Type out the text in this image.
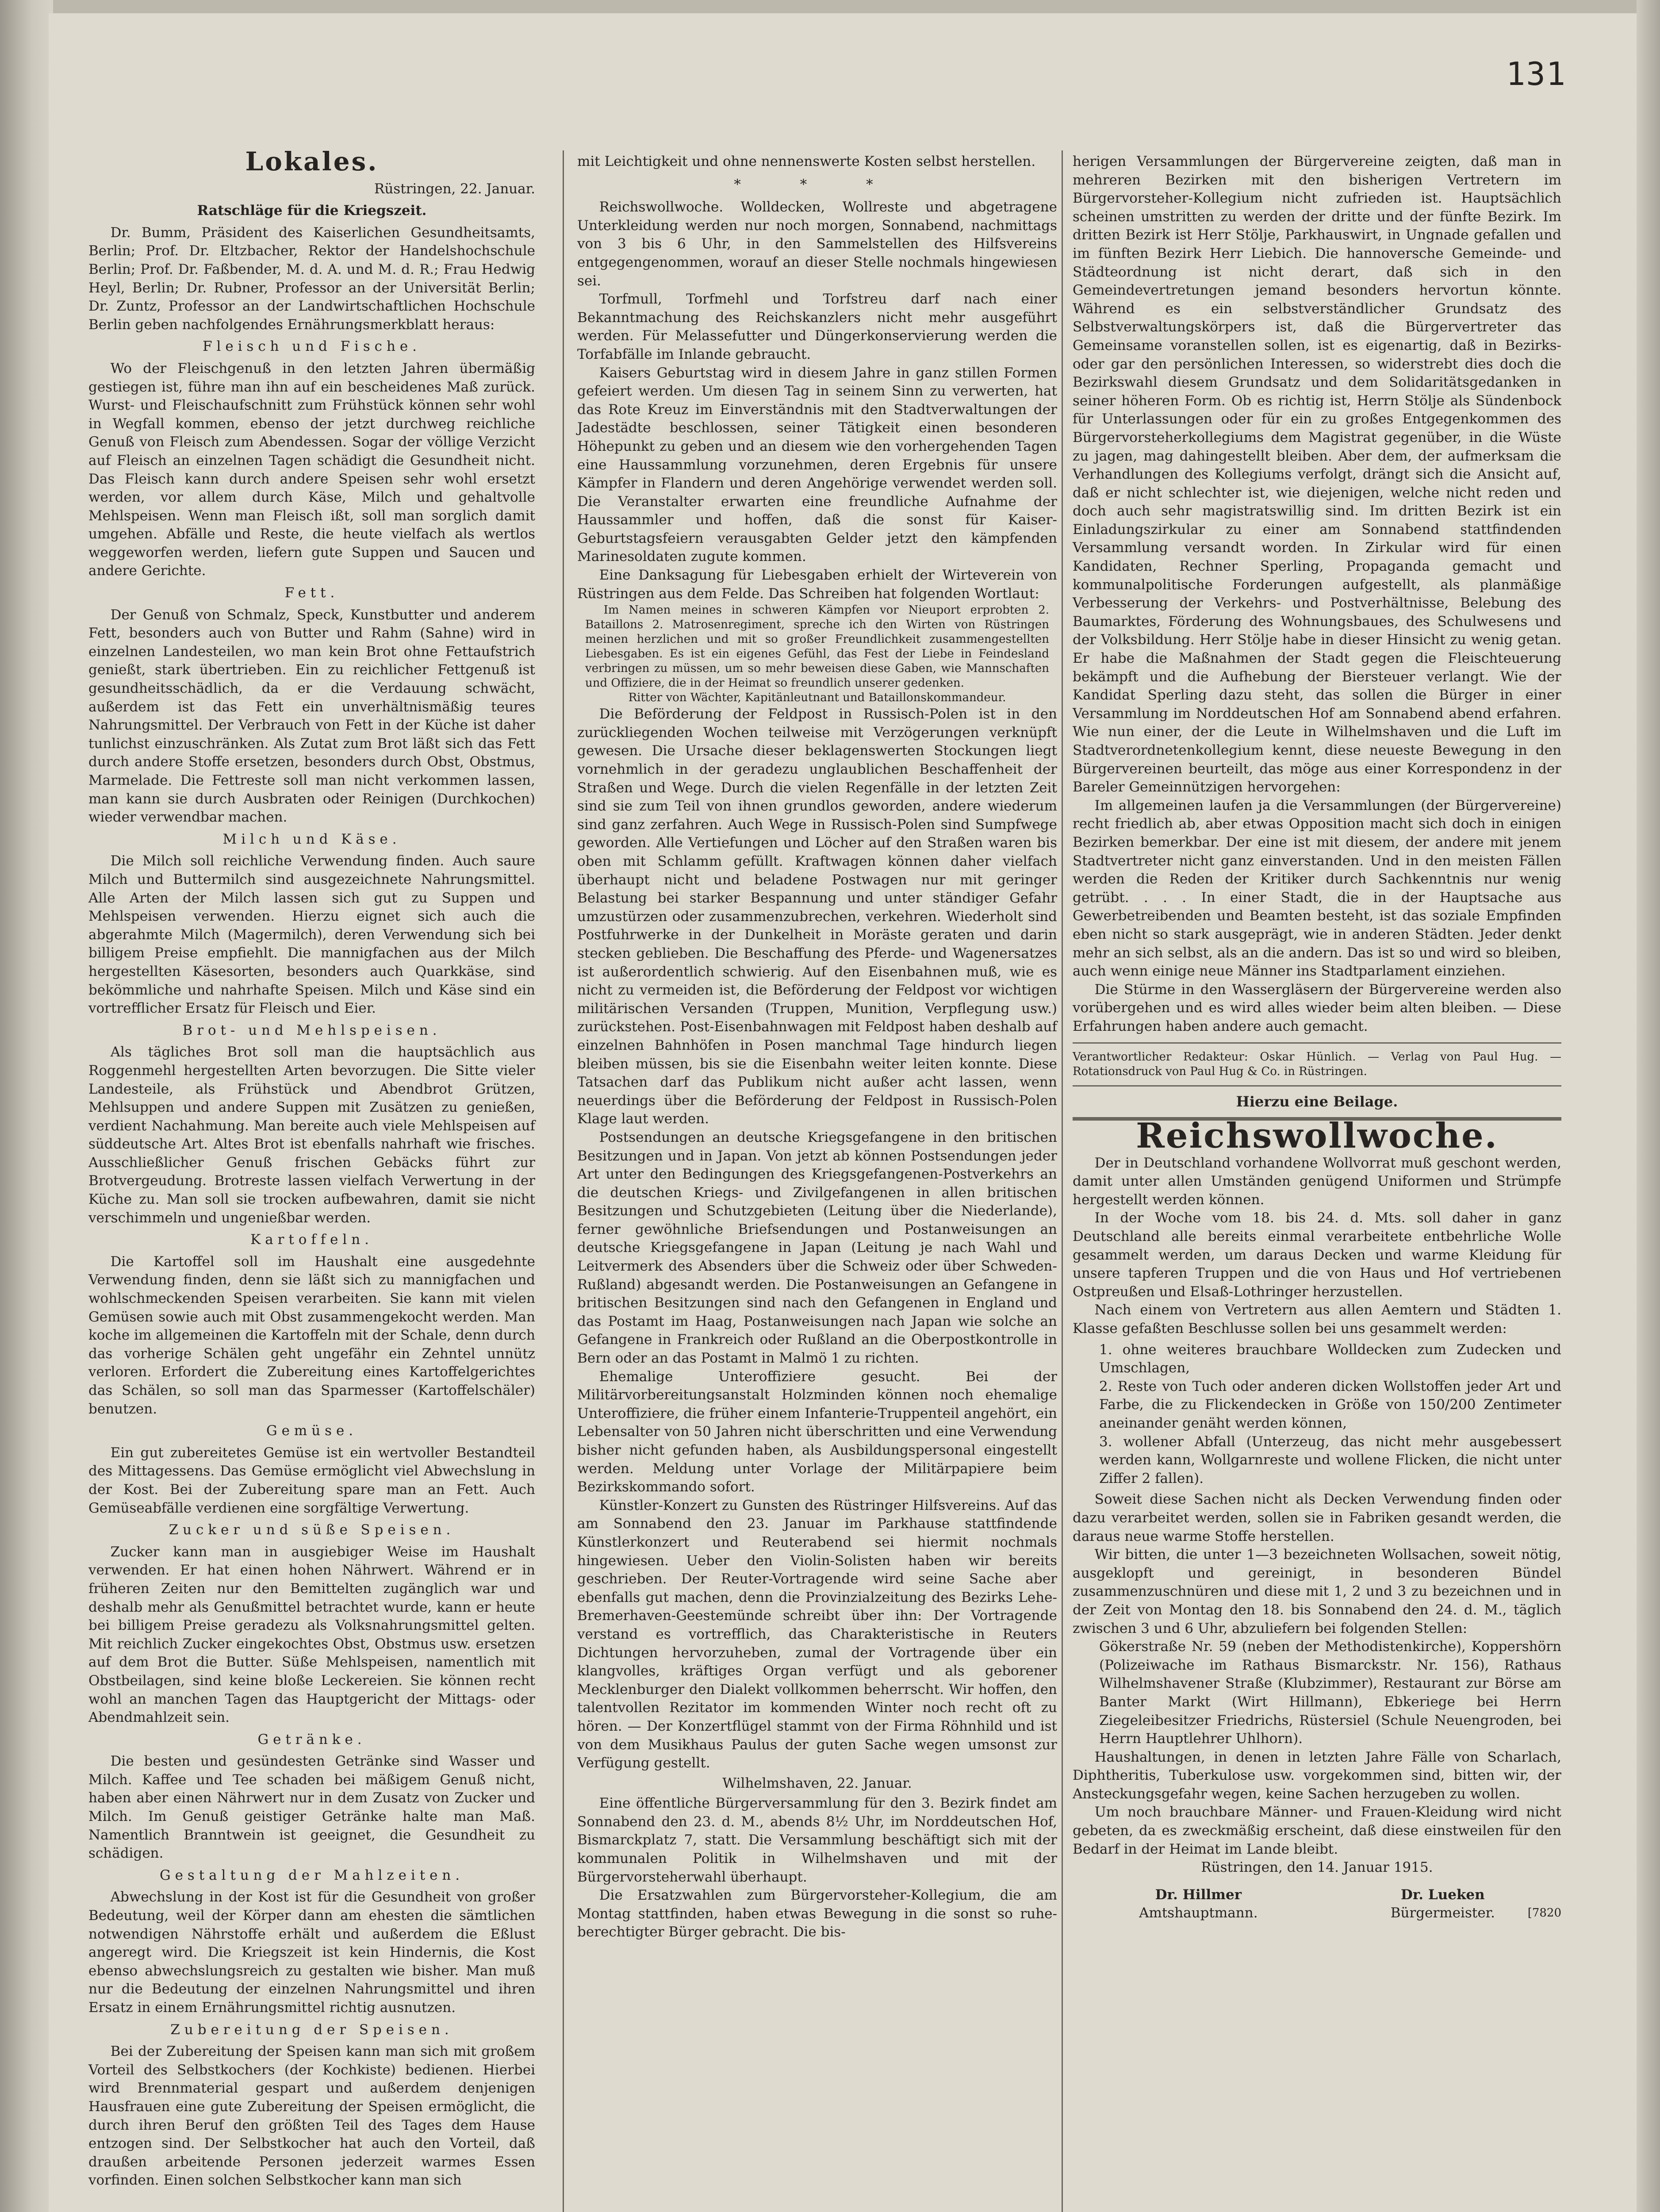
131
Lokales.
Rüstringen, 22. Januar.
Ratschläge für die Kriegszeit.

Dr. Bumm, Präsident des Kaiserlichen Gesundheitsamts, Berlin; Prof. Dr. Eltzbacher, Rektor der Handelshochschule Berlin; Prof. Dr. Faßbender, M. d. A. und M. d. R.; Frau Hedwig Heyl, Berlin; Dr. Rubner, Professor an der Universität Berlin; Dr. Zuntz, Professor an der Landwirtschaftlichen Hochschule Berlin geben nachfolgendes Ernährungsmerkblatt heraus:

Fleisch und Fische.

Wo der Fleischgenuß in den letzten Jahren übermäßig gestiegen ist, führe man ihn auf ein bescheidenes Maß zurück. Wurst- und Fleischaufschnitt zum Frühstück können sehr wohl in Wegfall kommen, ebenso der jetzt durchweg reichliche Genuß von Fleisch zum Abendessen. Sogar der völlige Verzicht auf Fleisch an einzelnen Tagen schädigt die Gesundheit nicht. Das Fleisch kann durch andere Speisen sehr wohl ersetzt werden, vor allem durch Käse, Milch und gehaltvolle Mehlspeisen. Wenn man Fleisch ißt, soll man sorglich damit umgehen. Abfälle und Reste, die heute vielfach als wertlos weggeworfen werden, liefern gute Suppen und Saucen und andere Gerichte.

Fett.

Der Genuß von Schmalz, Speck, Kunstbutter und anderem Fett, besonders auch von Butter und Rahm (Sahne) wird in einzelnen Landesteilen, wo man kein Brot ohne Fettaufstrich genießt, stark übertrieben. Ein zu reichlicher Fettgenuß ist gesundheitsschädlich, da er die Verdauung schwächt, außerdem ist das Fett ein unverhältnismäßig teures Nahrungsmittel. Der Verbrauch von Fett in der Küche ist daher tunlichst einzuschränken. Als Zutat zum Brot läßt sich das Fett durch andere Stoffe ersetzen, besonders durch Obst, Obstmus, Marmelade. Die Fettreste soll man nicht verkommen lassen, man kann sie durch Ausbraten oder Reinigen (Durchkochen) wieder verwendbar machen.

Milch und Käse.

Die Milch soll reichliche Verwendung finden. Auch saure Milch und Buttermilch sind ausgezeichnete Nahrungsmittel. Alle Arten der Milch lassen sich gut zu Suppen und Mehlspeisen verwenden. Hierzu eignet sich auch die abgerahmte Milch (Magermilch), deren Verwendung sich bei billigem Preise empfiehlt. Die mannigfachen aus der Milch hergestellten Käsesorten, besonders auch Quarkkäse, sind bekömmliche und nahrhafte Speisen. Milch und Käse sind ein vortrefflicher Ersatz für Fleisch und Eier.

Brot- und Mehlspeisen.

Als tägliches Brot soll man die hauptsächlich aus Roggenmehl hergestellten Arten bevorzugen. Die Sitte vieler Landesteile, als Frühstück und Abendbrot Grützen, Mehlsuppen und andere Suppen mit Zusätzen zu genießen, verdient Nachahmung. Man bereite auch viele Mehlspeisen auf süddeutsche Art. Altes Brot ist ebenfalls nahrhaft wie frisches. Ausschließlicher Genuß frischen Gebäcks führt zur Brotvergeudung. Brotreste lassen vielfach Verwertung in der Küche zu. Man soll sie trocken aufbewahren, damit sie nicht verschimmeln und ungenießbar werden.

Kartoffeln.

Die Kartoffel soll im Haushalt eine ausgedehnte Verwendung finden, denn sie läßt sich zu mannigfachen und wohlschmeckenden Speisen verarbeiten. Sie kann mit vielen Gemüsen sowie auch mit Obst zusammengekocht werden. Man koche im allgemeinen die Kartoffeln mit der Schale, denn durch das vorherige Schälen geht ungefähr ein Zehntel unnütz verloren. Erfordert die Zubereitung eines Kartoffelgerichtes das Schälen, so soll man das Sparmesser (Kartoffelschäler) benutzen.

Gemüse.

Ein gut zubereitetes Gemüse ist ein wertvoller Bestandteil des Mittagessens. Das Gemüse ermöglicht viel Abwechslung in der Kost. Bei der Zubereitung spare man an Fett. Auch Gemüseabfälle verdienen eine sorgfältige Verwertung.

Zucker und süße Speisen.

Zucker kann man in ausgiebiger Weise im Haushalt verwenden. Er hat einen hohen Nährwert. Während er in früheren Zeiten nur den Bemittelten zugänglich war und deshalb mehr als Genußmittel betrachtet wurde, kann er heute bei billigem Preise geradezu als Volksnahrungsmittel gelten. Mit reichlich Zucker eingekochtes Obst, Obstmus usw. ersetzen auf dem Brot die Butter. Süße Mehlspeisen, namentlich mit Obstbeilagen, sind keine bloße Leckereien. Sie können recht wohl an manchen Tagen das Hauptgericht der Mittags- oder Abendmahlzeit sein.

Getränke.

Die besten und gesündesten Getränke sind Wasser und Milch. Kaffee und Tee schaden bei mäßigem Genuß nicht, haben aber einen Nährwert nur in dem Zusatz von Zucker und Milch. Im Genuß geistiger Getränke halte man Maß. Namentlich Branntwein ist geeignet, die Gesundheit zu schädigen.

Gestaltung der Mahlzeiten.

Abwechslung in der Kost ist für die Gesundheit von großer Bedeutung, weil der Körper dann am ehesten die sämtlichen notwendigen Nährstoffe erhält und außerdem die Eßlust angeregt wird. Die Kriegszeit ist kein Hindernis, die Kost ebenso abwechslungsreich zu gestalten wie bisher. Man muß nur die Bedeutung der einzelnen Nahrungsmittel und ihren Ersatz in einem Ernährungsmittel richtig ausnutzen.

Zubereitung der Speisen.

Bei der Zubereitung der Speisen kann man sich mit großem Vorteil des Selbstkochers (der Kochkiste) bedienen. Hierbei wird Brennmaterial gespart und außerdem denjenigen Hausfrauen eine gute Zubereitung der Speisen ermöglicht, die durch ihren Beruf den größten Teil des Tages dem Hause entzogen sind. Der Selbstkocher hat auch den Vorteil, daß draußen arbeitende Personen jederzeit warmes Essen vorfinden. Einen solchen Selbstkocher kann man sich

mit Leichtigkeit und ohne nennenswerte Kosten selbst herstellen.

* * *

Reichswollwoche. Wolldecken, Wollreste und abgetragene Unterkleidung werden nur noch morgen, Sonnabend, nachmittags von 3 bis 6 Uhr, in den Sammelstellen des Hilfsvereins entgegengenommen, worauf an dieser Stelle nochmals hingewiesen sei.

Torfmull, Torfmehl und Torfstreu darf nach einer Bekanntmachung des Reichskanzlers nicht mehr ausgeführt werden. Für Melassefutter und Düngerkonservierung werden die Torfabfälle im Inlande gebraucht.

Kaisers Geburtstag wird in diesem Jahre in ganz stillen Formen gefeiert werden. Um diesen Tag in seinem Sinn zu verwerten, hat das Rote Kreuz im Einverständnis mit den Stadtverwaltungen der Jadestädte beschlossen, seiner Tätigkeit einen besonderen Höhepunkt zu geben und an diesem wie den vorhergehenden Tagen eine Haussammlung vorzunehmen, deren Ergebnis für unsere Kämpfer in Flandern und deren Angehörige verwendet werden soll. Die Veranstalter erwarten eine freundliche Aufnahme der Haussammler und hoffen, daß die sonst für Kaiser-Geburtstagsfeiern verausgabten Gelder jetzt den kämpfenden Marinesoldaten zugute kommen.

Eine Danksagung für Liebesgaben erhielt der Wirteverein von Rüstringen aus dem Felde. Das Schreiben hat folgenden Wortlaut:

Im Namen meines in schweren Kämpfen vor Nieuport erprobten 2. Bataillons 2. Matrosenregiment, spreche ich den Wirten von Rüstringen meinen herzlichen und mit so großer Freundlichkeit zusammengestellten Liebesgaben. Es ist ein eigenes Gefühl, das Fest der Liebe in Feindesland verbringen zu müssen, um so mehr beweisen diese Gaben, wie Mannschaften und Offiziere, die in der Heimat so freundlich unserer gedenken.

Ritter von Wächter, Kapitänleutnant und Bataillonskommandeur.

Die Beförderung der Feldpost in Russisch-Polen ist in den zurückliegenden Wochen teilweise mit Verzögerungen verknüpft gewesen. Die Ursache dieser beklagenswerten Stockungen liegt vornehmlich in der geradezu unglaublichen Beschaffenheit der Straßen und Wege. Durch die vielen Regenfälle in der letzten Zeit sind sie zum Teil von ihnen grundlos geworden, andere wiederum sind ganz zerfahren. Auch Wege in Russisch-Polen sind Sumpfwege geworden. Alle Vertiefungen und Löcher auf den Straßen waren bis oben mit Schlamm gefüllt. Kraftwagen können daher vielfach überhaupt nicht und beladene Postwagen nur mit geringer Belastung bei starker Bespannung und unter ständiger Gefahr umzustürzen oder zusammenzubrechen, verkehren. Wiederholt sind Postfuhrwerke in der Dunkelheit in Moräste geraten und darin stecken geblieben. Die Beschaffung des Pferde- und Wagenersatzes ist außerordentlich schwierig. Auf den Eisenbahnen muß, wie es nicht zu vermeiden ist, die Beförderung der Feldpost vor wichtigen militärischen Versanden (Truppen, Munition, Verpflegung usw.) zurückstehen. Post-Eisenbahnwagen mit Feldpost haben deshalb auf einzelnen Bahnhöfen in Posen manchmal Tage hindurch liegen bleiben müssen, bis sie die Eisenbahn weiter leiten konnte. Diese Tatsachen darf das Publikum nicht außer acht lassen, wenn neuerdings über die Beförderung der Feldpost in Russisch-Polen Klage laut werden.

Postsendungen an deutsche Kriegsgefangene in den britischen Besitzungen und in Japan. Von jetzt ab können Postsendungen jeder Art unter den Bedingungen des Kriegsgefangenen-Postverkehrs an die deutschen Kriegs- und Zivilgefangenen in allen britischen Besitzungen und Schutzgebieten (Leitung über die Niederlande), ferner gewöhnliche Briefsendungen und Postanweisungen an deutsche Kriegsgefangene in Japan (Leitung je nach Wahl und Leitvermerk des Absenders über die Schweiz oder über Schweden-Rußland) abgesandt werden. Die Postanweisungen an Gefangene in britischen Besitzungen sind nach den Gefangenen in England und das Postamt im Haag, Postanweisungen nach Japan wie solche an Gefangene in Frankreich oder Rußland an die Oberpostkontrolle in Bern oder an das Postamt in Malmö 1 zu richten.

Ehemalige Unteroffiziere gesucht. Bei der Militärvorbereitungsanstalt Holzminden können noch ehemalige Unteroffiziere, die früher einem Infanterie-Truppenteil angehört, ein Lebensalter von 50 Jahren nicht überschritten und eine Verwendung bisher nicht gefunden haben, als Ausbildungspersonal eingestellt werden. Meldung unter Vorlage der Militärpapiere beim Bezirkskommando sofort.

Künstler-Konzert zu Gunsten des Rüstringer Hilfsvereins. Auf das am Sonnabend den 23. Januar im Parkhause stattfindende Künstlerkonzert und Reuterabend sei hiermit nochmals hingewiesen. Ueber den Violin-Solisten haben wir bereits geschrieben. Der Reuter-Vortragende wird seine Sache aber ebenfalls gut machen, denn die Provinzialzeitung des Bezirks Lehe-Bremerhaven-Geestemünde schreibt über ihn: Der Vortragende verstand es vortrefflich, das Charakteristische in Reuters Dichtungen hervorzuheben, zumal der Vortragende über ein klangvolles, kräftiges Organ verfügt und als geborener Mecklenburger den Dialekt vollkommen beherrscht. Wir hoffen, den talentvollen Rezitator im kommenden Winter noch recht oft zu hören. — Der Konzertflügel stammt von der Firma Röhnhild und ist von dem Musikhaus Paulus der guten Sache wegen umsonst zur Verfügung gestellt.

Wilhelmshaven, 22. Januar.

Eine öffentliche Bürgerversammlung für den 3. Bezirk findet am Sonnabend den 23. d. M., abends 8½ Uhr, im Norddeutschen Hof, Bismarckplatz 7, statt. Die Versammlung beschäftigt sich mit der kommunalen Politik in Wilhelmshaven und mit der Bürgervorsteherwahl überhaupt.

Die Ersatzwahlen zum Bürgervorsteher-Kollegium, die am Montag stattfinden, haben etwas Bewegung in die sonst so ruhe-berechtigter Bürger gebracht. Die bis-

herigen Versammlungen der Bürgervereine zeigten, daß man in mehreren Bezirken mit den bisherigen Vertretern im Bürgervorsteher-Kollegium nicht zufrieden ist. Hauptsächlich scheinen umstritten zu werden der dritte und der fünfte Bezirk. Im dritten Bezirk ist Herr Stölje, Parkhauswirt, in Ungnade gefallen und im fünften Bezirk Herr Liebich. Die hannoversche Gemeinde- und Städteordnung ist nicht derart, daß sich in den Gemeindevertretungen jemand besonders hervortun könnte. Während es ein selbstverständlicher Grundsatz des Selbstverwaltungskörpers ist, daß die Bürgervertreter das Gemeinsame voranstellen sollen, ist es eigenartig, daß in Bezirks- oder gar den persönlichen Interessen, so widerstrebt dies doch die Bezirkswahl diesem Grundsatz und dem Solidaritätsgedanken in seiner höheren Form. Ob es richtig ist, Herrn Stölje als Sündenbock für Unterlassungen oder für ein zu großes Entgegenkommen des Bürgervorsteherkollegiums dem Magistrat gegenüber, in die Wüste zu jagen, mag dahingestellt bleiben. Aber dem, der aufmerksam die Verhandlungen des Kollegiums verfolgt, drängt sich die Ansicht auf, daß er nicht schlechter ist, wie diejenigen, welche nicht reden und doch auch sehr magistratswillig sind. Im dritten Bezirk ist ein Einladungszirkular zu einer am Sonnabend stattfindenden Versammlung versandt worden. In Zirkular wird für einen Kandidaten, Rechner Sperling, Propaganda gemacht und kommunalpolitische Forderungen aufgestellt, als planmäßige Verbesserung der Verkehrs- und Postverhältnisse, Belebung des Baumarktes, Förderung des Wohnungsbaues, des Schulwesens und der Volksbildung. Herr Stölje habe in dieser Hinsicht zu wenig getan. Er habe die Maßnahmen der Stadt gegen die Fleischteuerung bekämpft und die Aufhebung der Biersteuer verlangt. Wie der Kandidat Sperling dazu steht, das sollen die Bürger in einer Versammlung im Norddeutschen Hof am Sonnabend abend erfahren. Wie nun einer, der die Leute in Wilhelmshaven und die Luft im Stadtverordnetenkollegium kennt, diese neueste Bewegung in den Bürgervereinen beurteilt, das möge aus einer Korrespondenz in der Bareler Gemeinnützigen hervorgehen:

Im allgemeinen laufen ja die Versammlungen (der Bürgervereine) recht friedlich ab, aber etwas Opposition macht sich doch in einigen Bezirken bemerkbar. Der eine ist mit diesem, der andere mit jenem Stadtvertreter nicht ganz einverstanden. Und in den meisten Fällen werden die Reden der Kritiker durch Sachkenntnis nur wenig getrübt. . . . In einer Stadt, die in der Hauptsache aus Gewerbetreibenden und Beamten besteht, ist das soziale Empfinden eben nicht so stark ausgeprägt, wie in anderen Städten. Jeder denkt mehr an sich selbst, als an die andern. Das ist so und wird so bleiben, auch wenn einige neue Männer ins Stadtparlament einziehen.

Die Stürme in den Wassergläsern der Bürgervereine werden also vorübergehen und es wird alles wieder beim alten bleiben. — Diese Erfahrungen haben andere auch gemacht.

Verantwortlicher Redakteur: Oskar Hünlich. — Verlag von Paul Hug. — Rotationsdruck von Paul Hug & Co. in Rüstringen.
Hierzu eine Beilage.
Reichswollwoche.

Der in Deutschland vorhandene Wollvorrat muß geschont werden, damit unter allen Umständen genügend Uniformen und Strümpfe hergestellt werden können.

In der Woche vom 18. bis 24. d. Mts. soll daher in ganz Deutschland alle bereits einmal verarbeitete entbehrliche Wolle gesammelt werden, um daraus Decken und warme Kleidung für unsere tapferen Truppen und die von Haus und Hof vertriebenen Ostpreußen und Elsaß-Lothringer herzustellen.

Nach einem von Vertretern aus allen Aemtern und Städten 1. Klasse gefaßten Beschlusse sollen bei uns gesammelt werden:

1. ohne weiteres brauchbare Wolldecken zum Zudecken und Umschlagen,
2. Reste von Tuch oder anderen dicken Wollstoffen jeder Art und Farbe, die zu Flickendecken in Größe von 150/200 Zentimeter aneinander genäht werden können,
3. wollener Abfall (Unterzeug, das nicht mehr ausgebessert werden kann, Wollgarnreste und wollene Flicken, die nicht unter Ziffer 2 fallen).

Soweit diese Sachen nicht als Decken Verwendung finden oder dazu verarbeitet werden, sollen sie in Fabriken gesandt werden, die daraus neue warme Stoffe herstellen.

Wir bitten, die unter 1—3 bezeichneten Wollsachen, soweit nötig, ausgeklopft und gereinigt, in besonderen Bündel zusammenzuschnüren und diese mit 1, 2 und 3 zu bezeichnen und in der Zeit von Montag den 18. bis Sonnabend den 24. d. M., täglich zwischen 3 und 6 Uhr, abzuliefern bei folgenden Stellen:

Gökerstraße Nr. 59 (neben der Methodistenkirche), Koppershörn (Polizeiwache im Rathaus Bismarckstr. Nr. 156), Rathaus Wilhelmshavener Straße (Klubzimmer), Restaurant zur Börse am Banter Markt (Wirt Hillmann), Ebkeriege bei Herrn Ziegeleibesitzer Friedrichs, Rüstersiel (Schule Neuengroden, bei Herrn Hauptlehrer Uhlhorn).

Haushaltungen, in denen in letzten Jahre Fälle von Scharlach, Diphtheritis, Tuberkulose usw. vorgekommen sind, bitten wir, der Ansteckungsgefahr wegen, keine Sachen herzugeben zu wollen.

Um noch brauchbare Männer- und Frauen-Kleidung wird nicht gebeten, da es zweckmäßig erscheint, daß diese einstweilen für den Bedarf in der Heimat im Lande bleibt.

Rüstringen, den 14. Januar 1915.
Dr. Hillmer
Amtshauptmann.
Dr. Lueken
Bürgermeister.	[7820
